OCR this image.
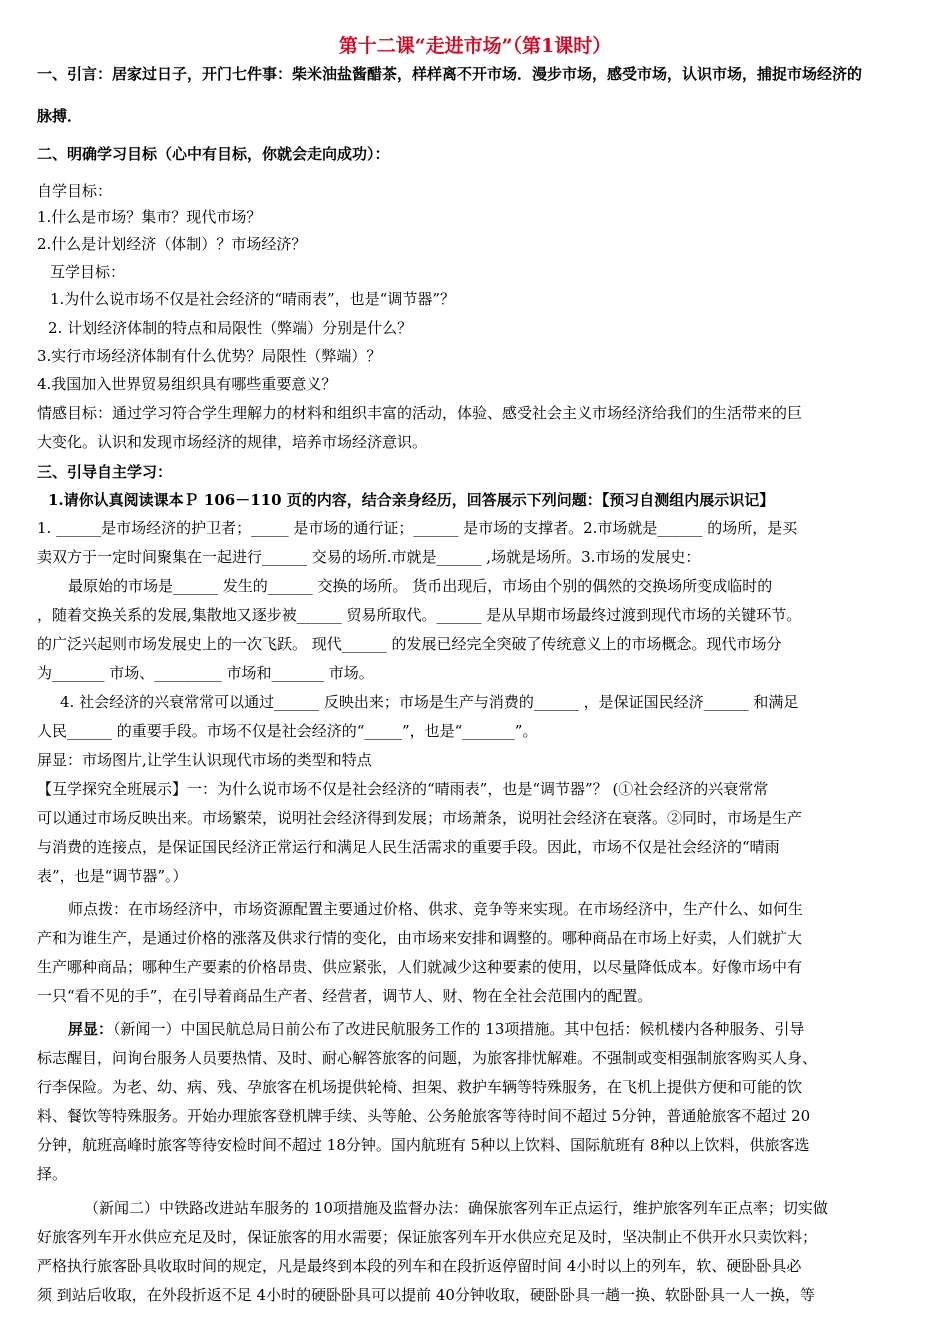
第十二课“走进市场”（第1课时）
一、引言：居家过日子，开门七件事：柴米油盐酱醋茶，样样离不开市场．漫步市场，感受市场，认识市场，捕捉市场经济的
脉搏．
二、明确学习目标（心中有目标，你就会走向成功）：
自学目标：
1.什么是市场？集市？现代市场？
2.什么是计划经济（体制）？市场经济？
互学目标：
1.为什么说市场不仅是社会经济的“晴雨表”，也是“调节器”？
2. 计划经济体制的特点和局限性（弊端）分别是什么？
3.实行市场经济体制有什么优势？局限性（弊端）？
4.我国加入世界贸易组织具有哪些重要意义？
情感目标：通过学习符合学生理解力的材料和组织丰富的活动，体验、感受社会主义市场经济给我们的生活带来的巨
大变化。认识和发现市场经济的规律，培养市场经济意识。
三、引导自主学习：
1.请你认真阅读课本Ｐ 106－110 页的内容，结合亲身经历，回答展示下列问题：【预习自测组内展示识记】
1. ______是市场经济的护卫者；_____ 是市场的通行证；______ 是市场的支撑者。2.市场就是______ 的场所，是买
卖双方于一定时间聚集在一起进行______ 交易的场所.市就是______ ,场就是场所。3.市场的发展史：
最原始的市场是______ 发生的______ 交换的场所。 货币出现后，市场由个别的偶然的交换场所变成临时的
，随着交换关系的发展,集散地又逐步被______ 贸易所取代。______ 是从早期市场最终过渡到现代市场的关键环节。
的广泛兴起则市场发展史上的一次飞跃。 现代______ 的发展已经完全突破了传统意义上的市场概念。现代市场分
为_______ 市场、_________ 市场和_______ 市场。
4. 社会经济的兴衰常常可以通过______ 反映出来；市场是生产与消费的______ ，是保证国民经济______ 和满足
人民______ 的重要手段。市场不仅是社会经济的“_____”，也是“_______”。
屏显：市场图片,让学生认识现代市场的类型和特点
【互学探究全班展示】一：为什么说市场不仅是社会经济的“晴雨表”，也是“调节器”？ (①社会经济的兴衰常常
可以通过市场反映出来。市场繁荣，说明社会经济得到发展；市场萧条，说明社会经济在衰落。②同时，市场是生产
与消费的连接点，是保证国民经济正常运行和满足人民生活需求的重要手段。因此，市场不仅是社会经济的“晴雨
表”，也是“调节器”。）
师点拨：在市场经济中，市场资源配置主要通过价格、供求、竞争等来实现。在市场经济中，生产什么、如何生
产和为谁生产，是通过价格的涨落及供求行情的变化，由市场来安排和调整的。哪种商品在市场上好卖，人们就扩大
生产哪种商品；哪种生产要素的价格昂贵、供应紧张，人们就减少这种要素的使用，以尽量降低成本。好像市场中有
一只“看不见的手”，在引导着商品生产者、经营者，调节人、财、物在全社会范围内的配置。
屏显：（新闻一）中国民航总局日前公布了改进民航服务工作的 13项措施。其中包括：候机楼内各种服务、引导
标志醒目，问询台服务人员要热情、及时、耐心解答旅客的问题，为旅客排忧解难。不强制或变相强制旅客购买人身、
行李保险。为老、幼、病、残、孕旅客在机场提供轮椅、担架、救护车辆等特殊服务，在飞机上提供方便和可能的饮
料、餐饮等特殊服务。开始办理旅客登机牌手续、头等舱、公务舱旅客等待时间不超过 5分钟，普通舱旅客不超过 20
分钟，航班高峰时旅客等待安检时间不超过 18分钟。国内航班有 5种以上饮料、国际航班有 8种以上饮料，供旅客选
择。
（新闻二）中铁路改进站车服务的 10项措施及监督办法：确保旅客列车正点运行，维护旅客列车正点率；切实做
好旅客列车开水供应充足及时，保证旅客的用水需要；保证旅客列车开水供应充足及时，坚决制止不供开水只卖饮料；
严格执行旅客卧具收取时间的规定，凡是最终到本段的列车和在段折返停留时间 4小时以上的列车，软、硬卧卧具必
须 到站后收取，在外段折返不足 4小时的硬卧卧具可以提前 40分钟收取，硬卧卧具一趟一换、软卧卧具一人一换，等
